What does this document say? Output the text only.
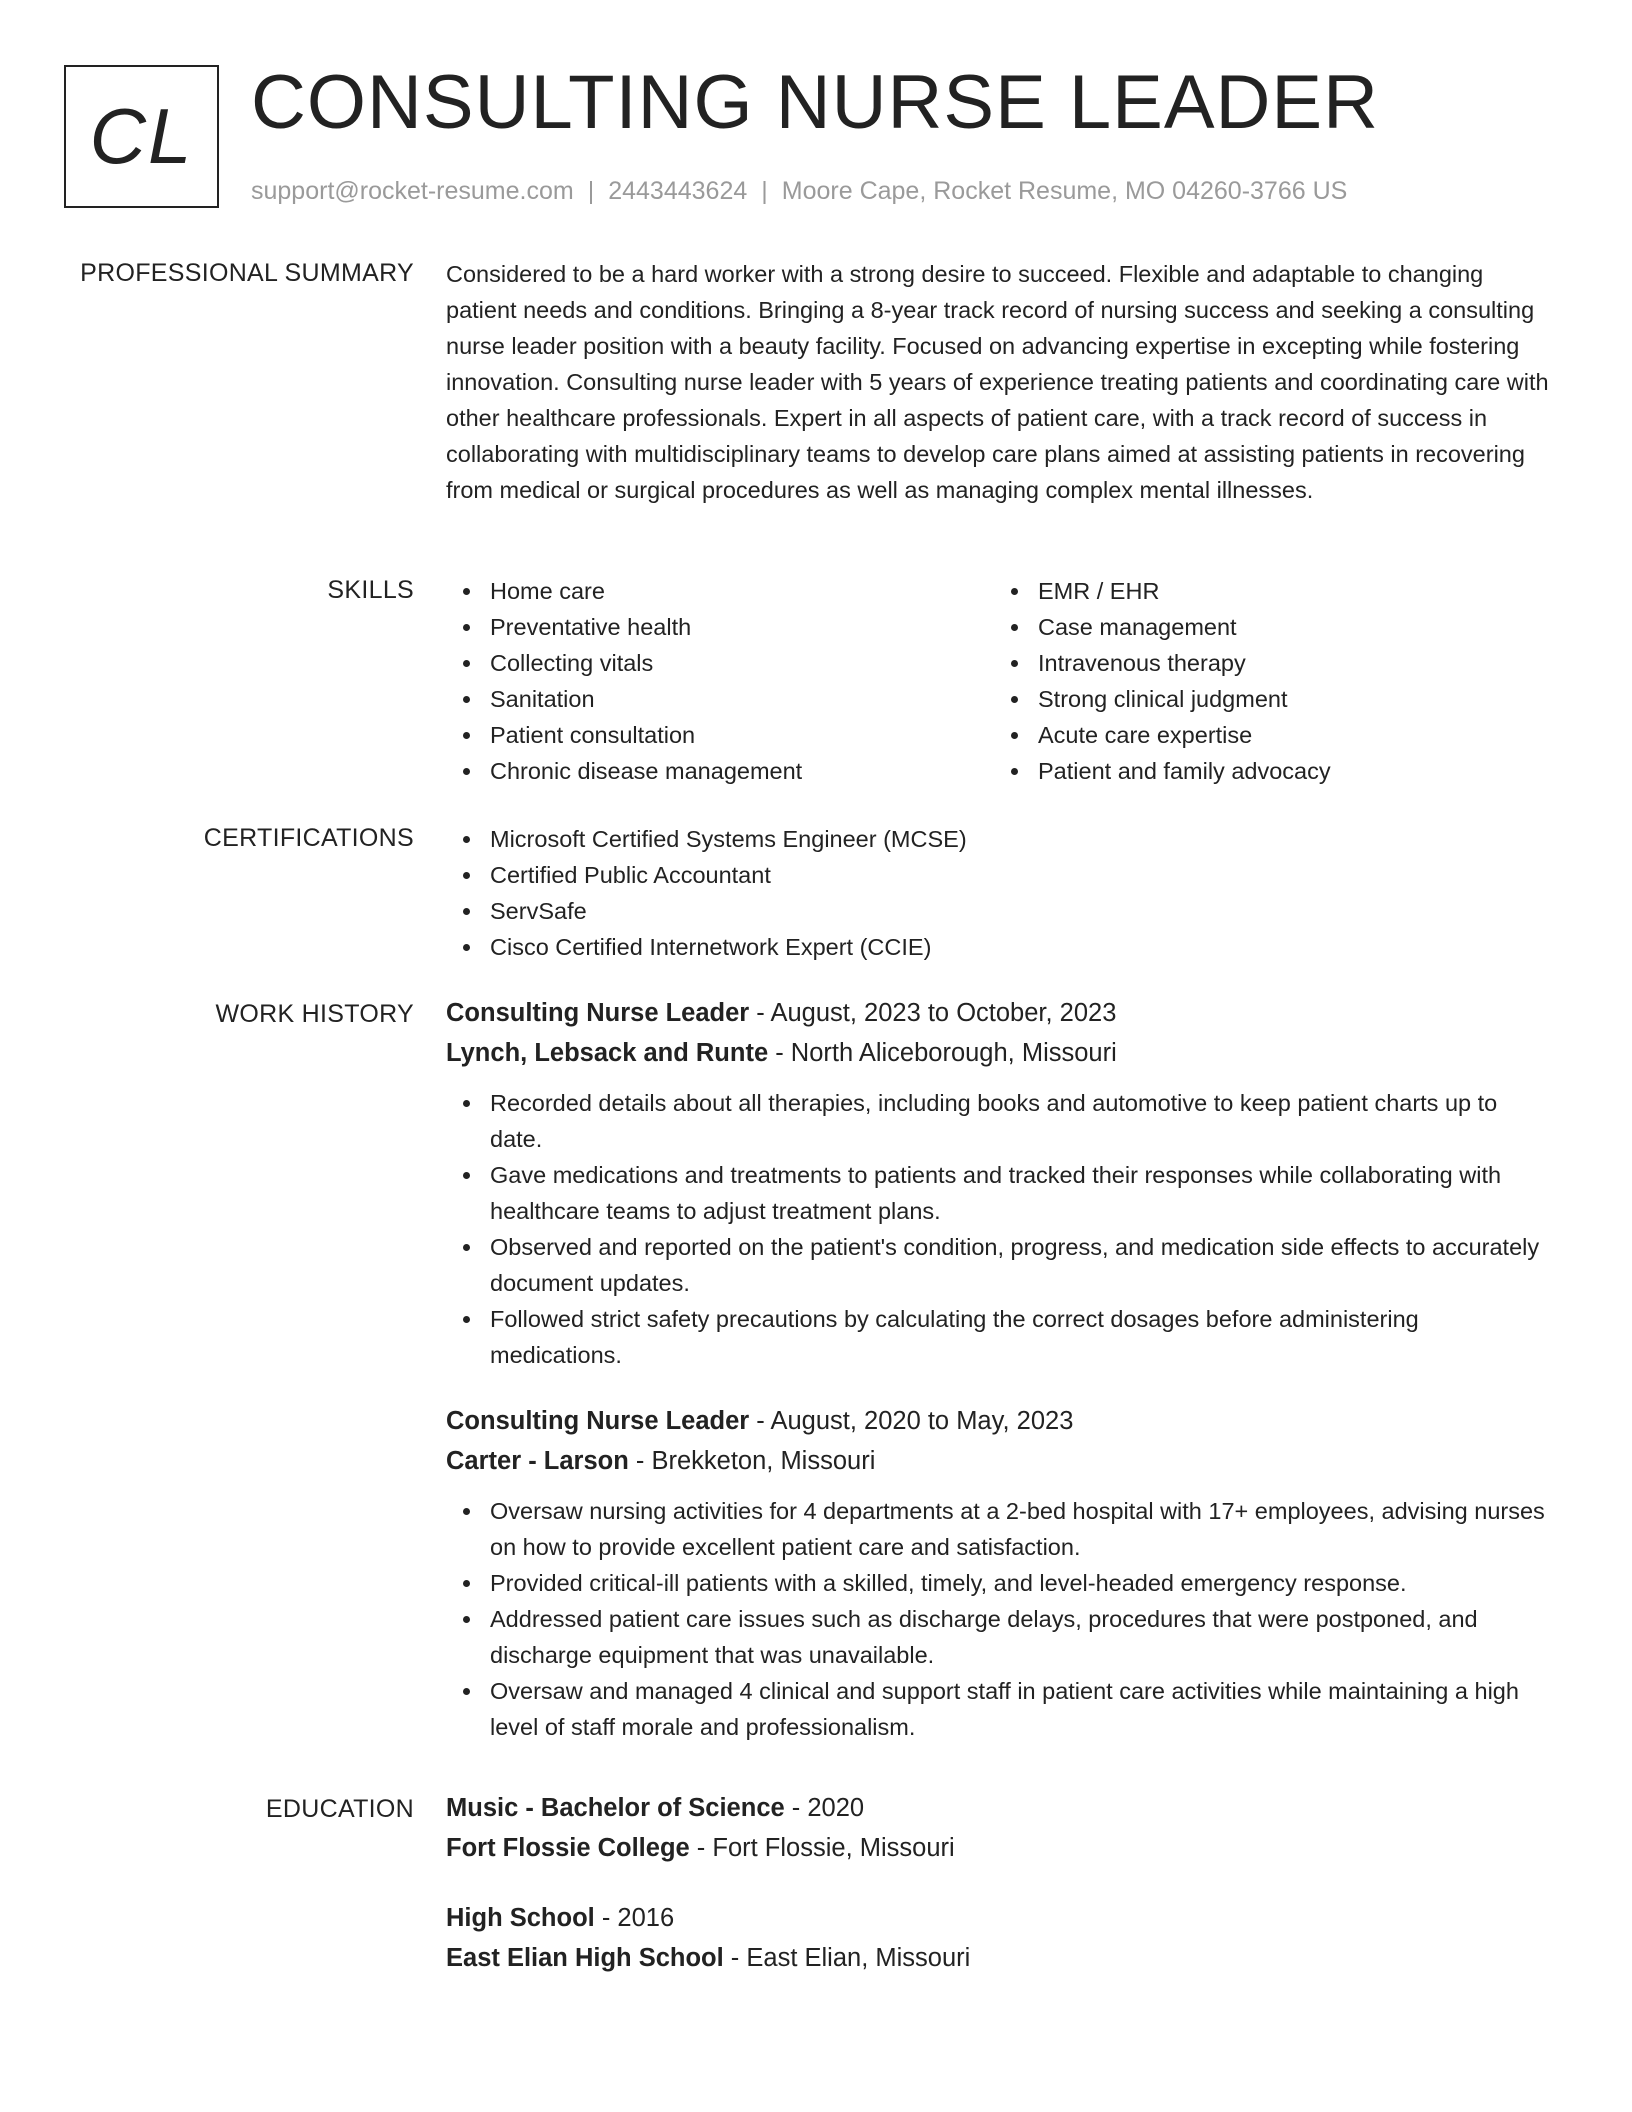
CL CONSULTING NURSE LEADER
support@rocket-resume.com | 2443443624 | Moore Cape, Rocket Resume, MO 04260-3766 US
PROFESSIONAL SUMMARY Considered to be a hard worker with a strong desire to succeed. Flexible and adaptable to changing patient needs and conditions. Bringing a 8-year track record of nursing success and seeking a consulting nurse leader position with a beauty facility. Focused on advancing expertise in excepting while fostering innovation. Consulting nurse leader with 5 years of experience treating patients and coordinating care with other healthcare professionals. Expert in all aspects of patient care, with a track record of success in collaborating with multidisciplinary teams to develop care plans aimed at assisting patients in recovering from medical or surgical procedures as well as managing complex mental illnesses.
SKILLS	Home care
Preventative health
Collecting vitals
Sanitation
Patient consultation
Chronic disease management
EMR / EHR
Case management
Intravenous therapy
Strong clinical judgment
Acute care expertise
Patient and family advocacy
CERTIFICATIONS	Microsoft Certified Systems Engineer (MCSE)
Certified Public Accountant
ServSafe
Cisco Certified Internetwork Expert (CCIE)
WORK HISTORY Consulting Nurse Leader - August, 2023 to October, 2023
Lynch, Lebsack and Runte - North Aliceborough, Missouri
Recorded details about all therapies, including books and automotive to keep patient charts up to date.
Gave medications and treatments to patients and tracked their responses while collaborating with healthcare teams to adjust treatment plans.
Observed and reported on the patient's condition, progress, and medication side effects to accurately document updates.
Followed strict safety precautions by calculating the correct dosages before administering medications.
Consulting Nurse Leader - August, 2020 to May, 2023
Carter - Larson - Brekketon, Missouri
Oversaw nursing activities for 4 departments at a 2-bed hospital with 17+ employees, advising nurses on how to provide excellent patient care and satisfaction.
Provided critical-ill patients with a skilled, timely, and level-headed emergency response.
Addressed patient care issues such as discharge delays, procedures that were postponed, and discharge equipment that was unavailable.
Oversaw and managed 4 clinical and support staff in patient care activities while maintaining a high level of staff morale and professionalism.
EDUCATION Music - Bachelor of Science - 2020
Fort Flossie College - Fort Flossie, Missouri
High School - 2016
East Elian High School - East Elian, Missouri
